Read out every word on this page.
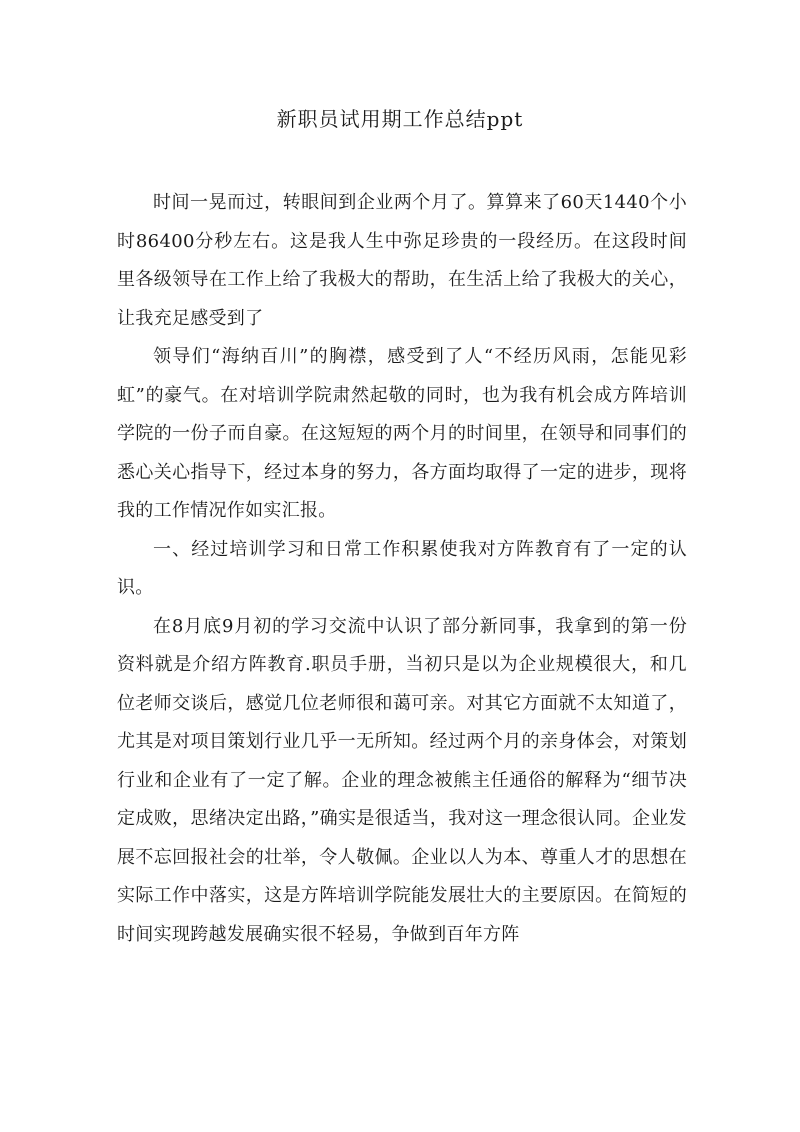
新职员试用期工作总结ppt

时间一晃而过，转眼间到企业两个月了。算算来了60天1440个小时86400分秒左右。这是我人生中弥足珍贵的一段经历。在这段时间里各级领导在工作上给了我极大的帮助，在生活上给了我极大的关心，让我充足感受到了

领导们“海纳百川”的胸襟，感受到了人“不经历风雨，怎能见彩虹”的豪气。在对培训学院肃然起敬的同时，也为我有机会成方阵培训学院的一份子而自豪。在这短短的两个月的时间里，在领导和同事们的悉心关心指导下，经过本身的努力，各方面均取得了一定的进步，现将我的工作情况作如实汇报。

一、经过培训学习和日常工作积累使我对方阵教育有了一定的认识。

在8月底9月初的学习交流中认识了部分新同事，我拿到的第一份资料就是介绍方阵教育.职员手册，当初只是以为企业规模很大，和几位老师交谈后，感觉几位老师很和蔼可亲。对其它方面就不太知道了，尤其是对项目策划行业几乎一无所知。经过两个月的亲身体会，对策划行业和企业有了一定了解。企业的理念被熊主任通俗的解释为“细节决定成败，思绪决定出路，”确实是很适当，我对这一理念很认同。企业发展不忘回报社会的壮举，令人敬佩。企业以人为本、尊重人才的思想在实际工作中落实，这是方阵培训学院能发展壮大的主要原因。在简短的时间实现跨越发展确实很不轻易，争做到百年方阵
